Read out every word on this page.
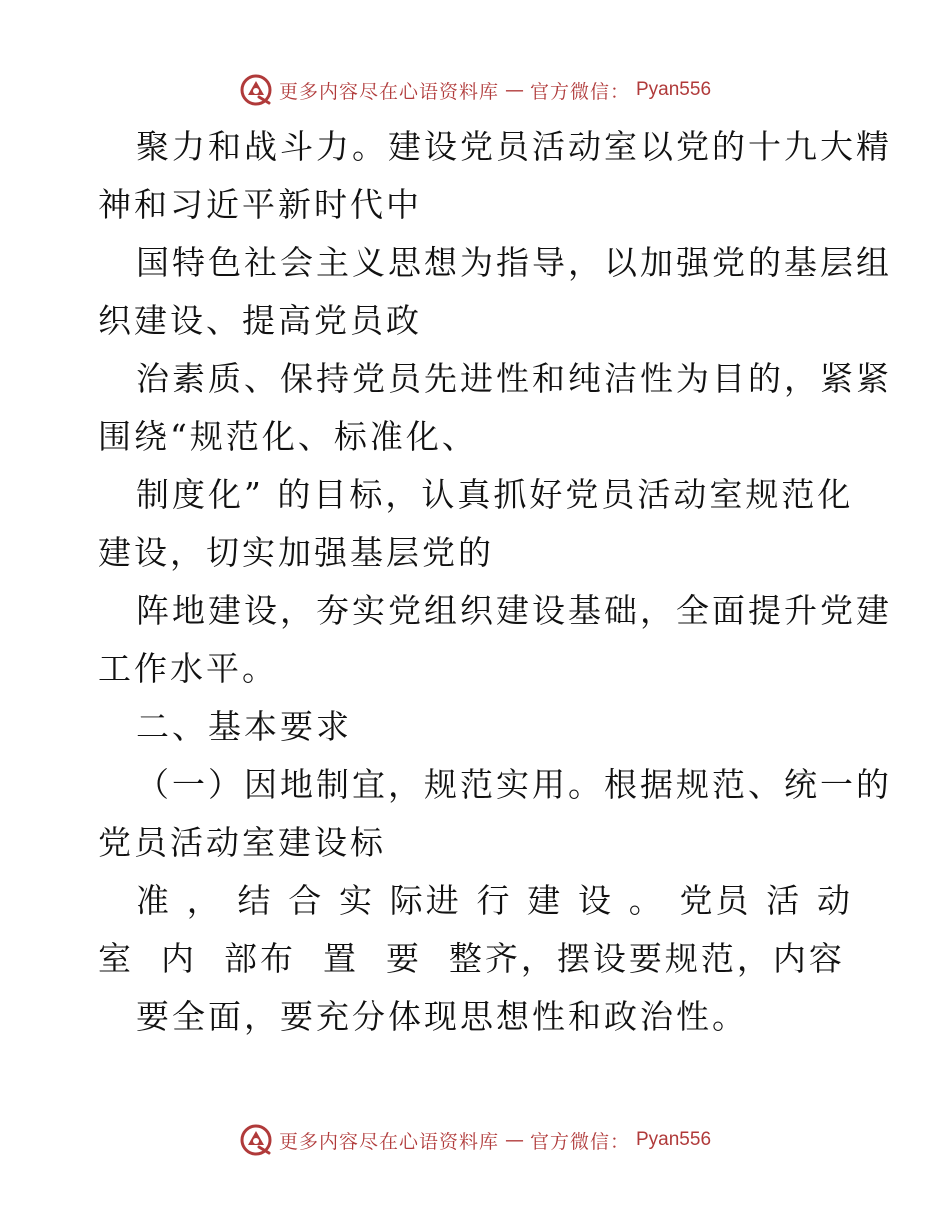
更多内容尽在心语资料库 — 官方微信： Pyan556
聚力和战斗力。建设党员活动室以党的十九大精
神和习近平新时代中
国特色社会主义思想为指导，以加强党的基层组
织建设、提高党员政
治素质、保持党员先进性和纯洁性为目的，紧紧
围绕“规范化、标准化、
制度化” 的目标，认真抓好党员活动室规范化
建设，切实加强基层党的
阵地建设，夯实党组织建设基础，全面提升党建
工作水平。
二、基本要求
（一）因地制宜，规范实用。根据规范、统一的
党员活动室建设标
准 ， 结 合 实 际进 行 建 设 。 党员 活 动
室 内 部布 置 要 整齐，摆设要规范，内容
要全面，要充分体现思想性和政治性。
更多内容尽在心语资料库 — 官方微信： Pyan556
